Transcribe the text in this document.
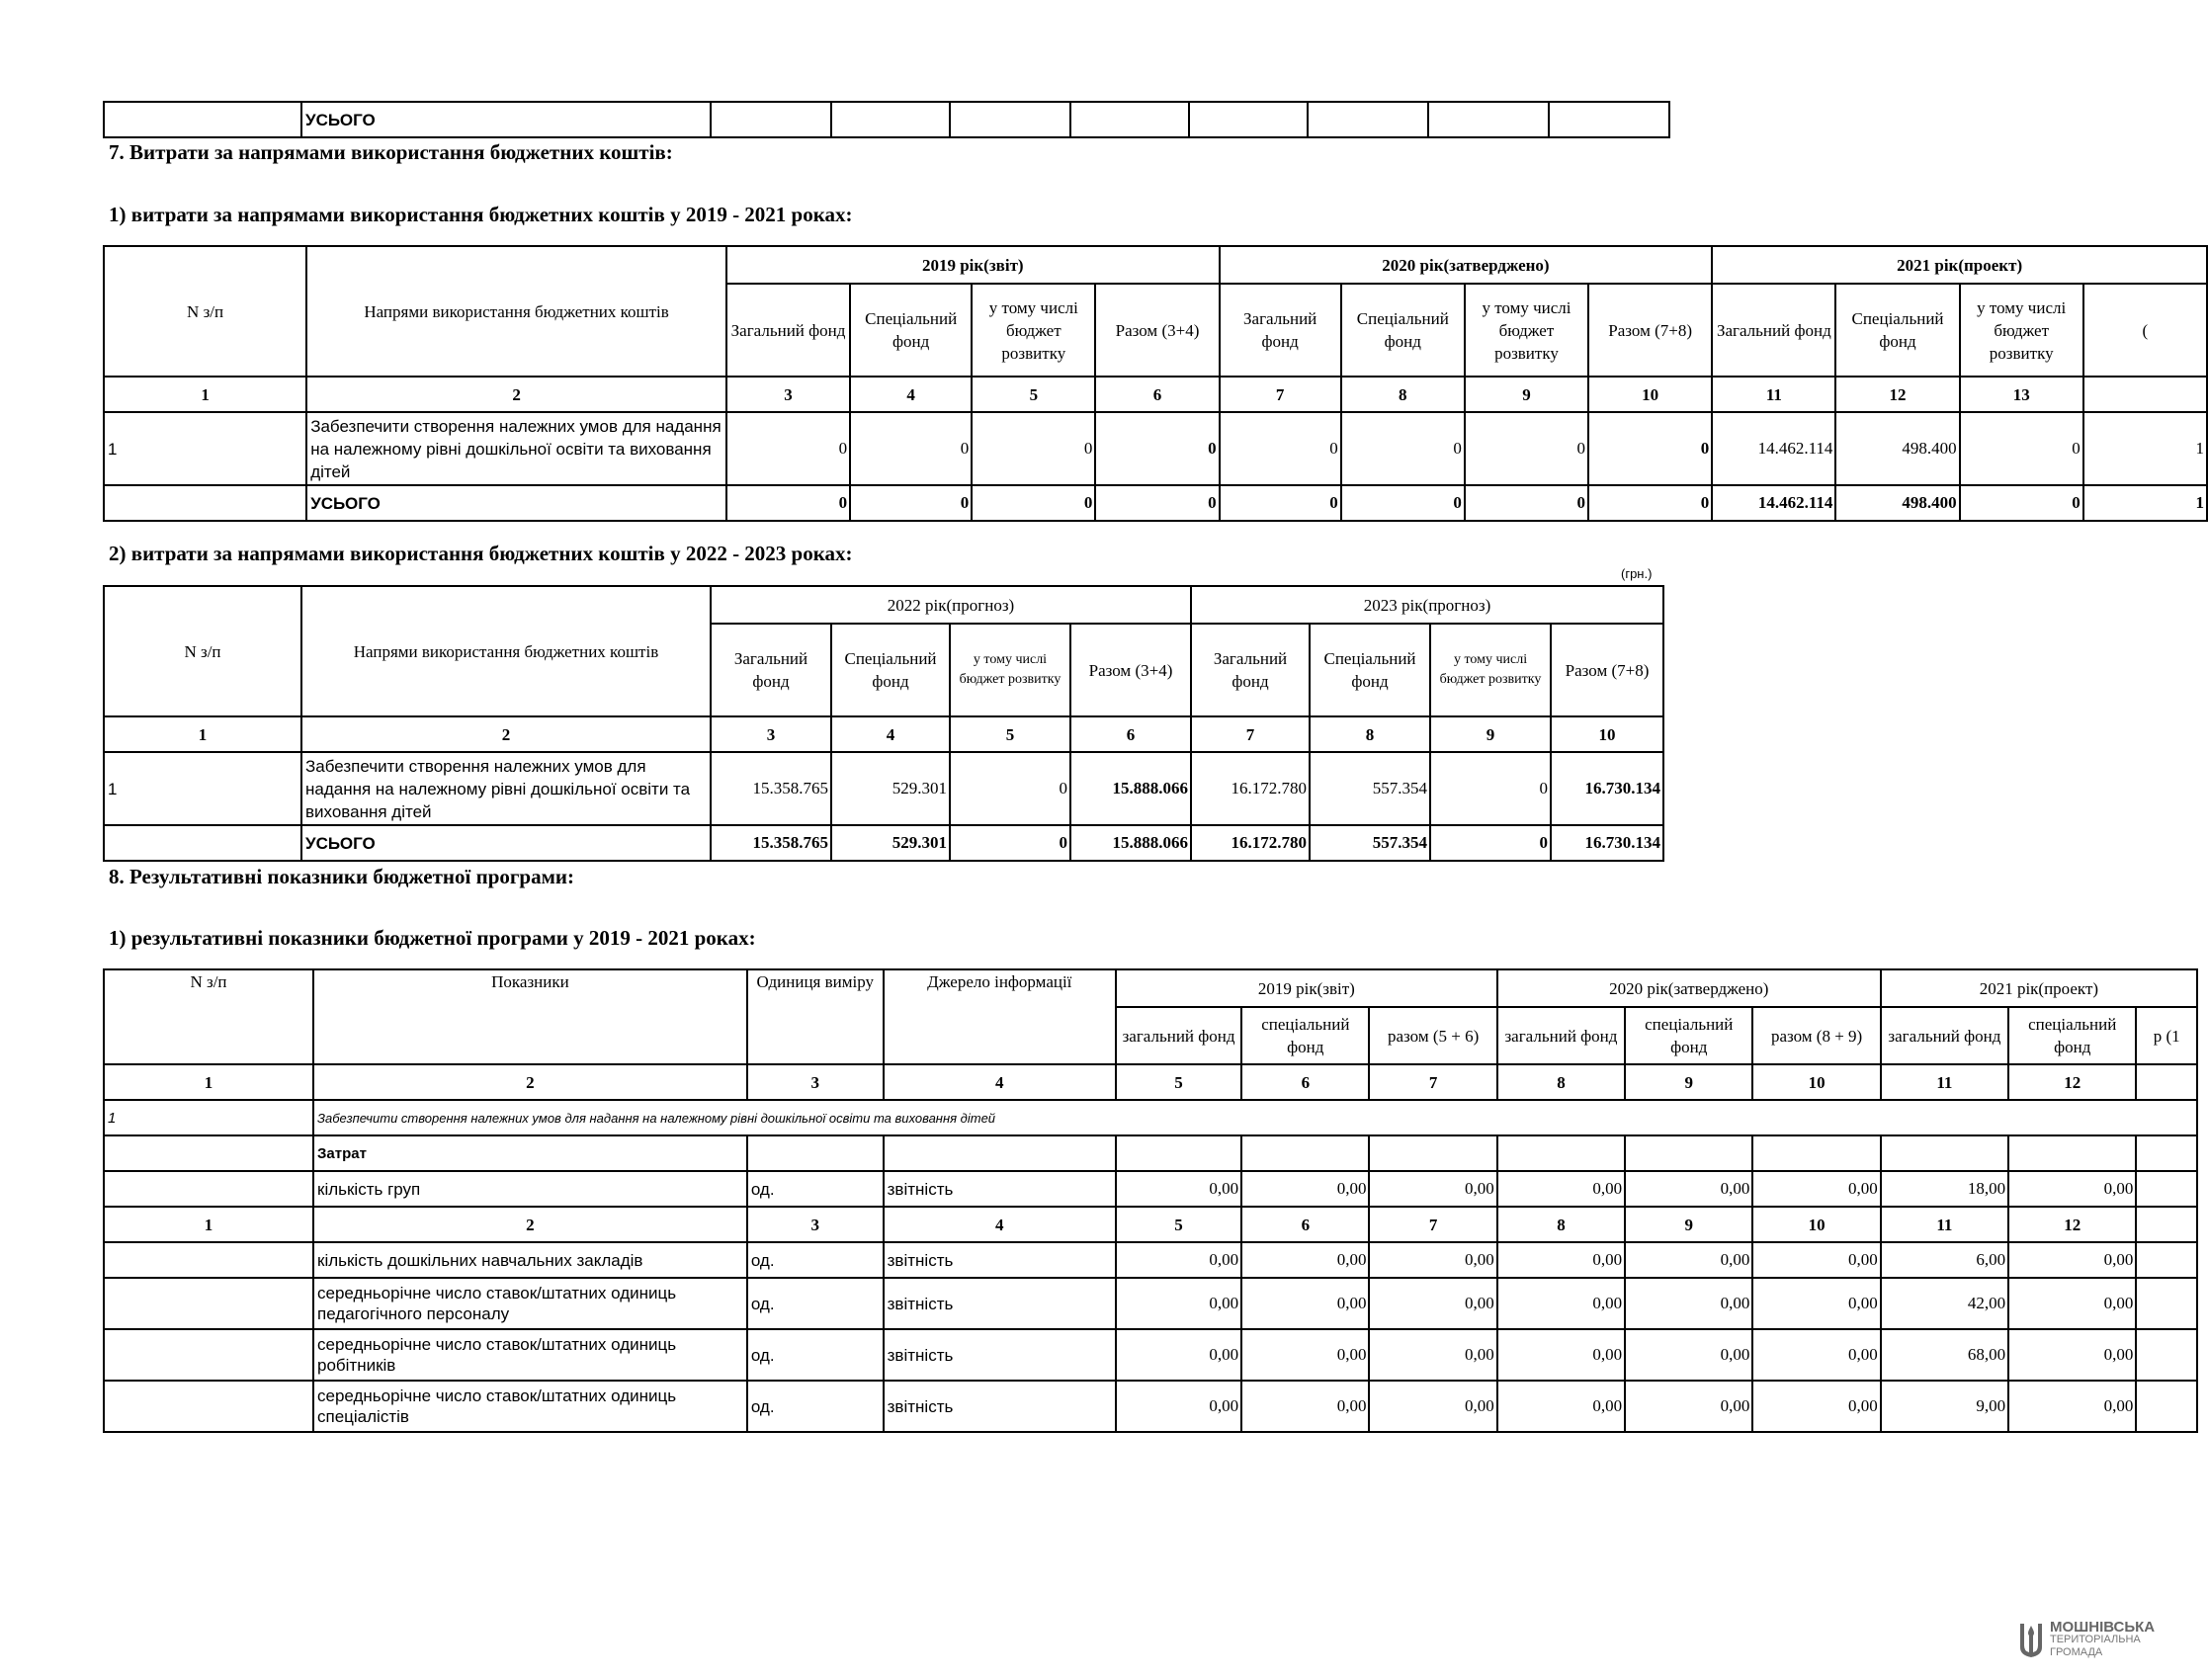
	УСЬОГО								
7. Витрати за напрямами використання бюджетних коштів:
1) витрати за напрямами використання бюджетних коштів у 2019 - 2021 роках:
N з/п	Напрями використання бюджетних коштів	2019 рік(звіт)				2020 рік(затверджено)				2021 рік(проект)			
		Загальний фонд	Спеціальний фонд	у тому числі бюджет розвитку	Разом (3+4)	Загальний фонд	Спеціальний фонд	у тому числі бюджет розвитку	Разом (7+8)	Загальний фонд	Спеціальний фонд	у тому числі бюджет розвитку	(
1	2	3	4	5	6	7	8	9	10	11	12	13	
1	Забезпечити створення належних умов для надання на належному рівні дошкільної освіти та виховання дітей	0	0	0	0	0	0	0	0	14.462.114	498.400	0	1
	УСЬОГО	0	0	0	0	0	0	0	0	14.462.114	498.400	0	1
2) витрати за напрямами використання бюджетних коштів у 2022 - 2023 роках:
(грн.)
N з/п	Напрями використання бюджетних коштів	2022 рік(прогноз)				2023 рік(прогноз)			
		Загальний фонд	Спеціальний фонд	у тому числі бюджет розвитку	Разом (3+4)	Загальний фонд	Спеціальний фонд	у тому числі бюджет розвитку	Разом (7+8)
1	2	3	4	5	6	7	8	9	10
1	Забезпечити створення належних умов для надання на належному рівні дошкільної освіти та виховання дітей	15.358.765	529.301	0	15.888.066	16.172.780	557.354	0	16.730.134
	УСЬОГО	15.358.765	529.301	0	15.888.066	16.172.780	557.354	0	16.730.134
8. Результативні показники бюджетної програми:
1) результативні показники бюджетної програми у 2019 - 2021 роках:
N з/п	Показники	Одиниця виміру	Джерело інформації	2019 рік(звіт)			2020 рік(затверджено)			2021 рік(проект)		
				загальний фонд	спеціальний фонд	разом (5 + 6)	загальний фонд	спеціальний фонд	разом (8 + 9)	загальний фонд	спеціальний фонд	р (1
1	2	3	4	5	6	7	8	9	10	11	12	
1	Забезпечити створення належних умов для надання на належному рівні дошкільної освіти та виховання дітей											
	Затрат											
	кількість груп	од.	звітність	0,00	0,00	0,00	0,00	0,00	0,00	18,00	0,00	
1	2	3	4	5	6	7	8	9	10	11	12	
	кількість дошкільних навчальних закладів	од.	звітність	0,00	0,00	0,00	0,00	0,00	0,00	6,00	0,00	
	середньорічне число ставок/штатних одиниць педагогічного персоналу	од.	звітність	0,00	0,00	0,00	0,00	0,00	0,00	42,00	0,00	
	середньорічне число ставок/штатних одиниць робітників	од.	звітність	0,00	0,00	0,00	0,00	0,00	0,00	68,00	0,00	
	середньорічне число ставок/штатних одиниць спеціалістів	од.	звітність	0,00	0,00	0,00	0,00	0,00	0,00	9,00	0,00	
МОШНІВСЬКА
ТЕРИТОРІАЛЬНА
ГРОМАДА
